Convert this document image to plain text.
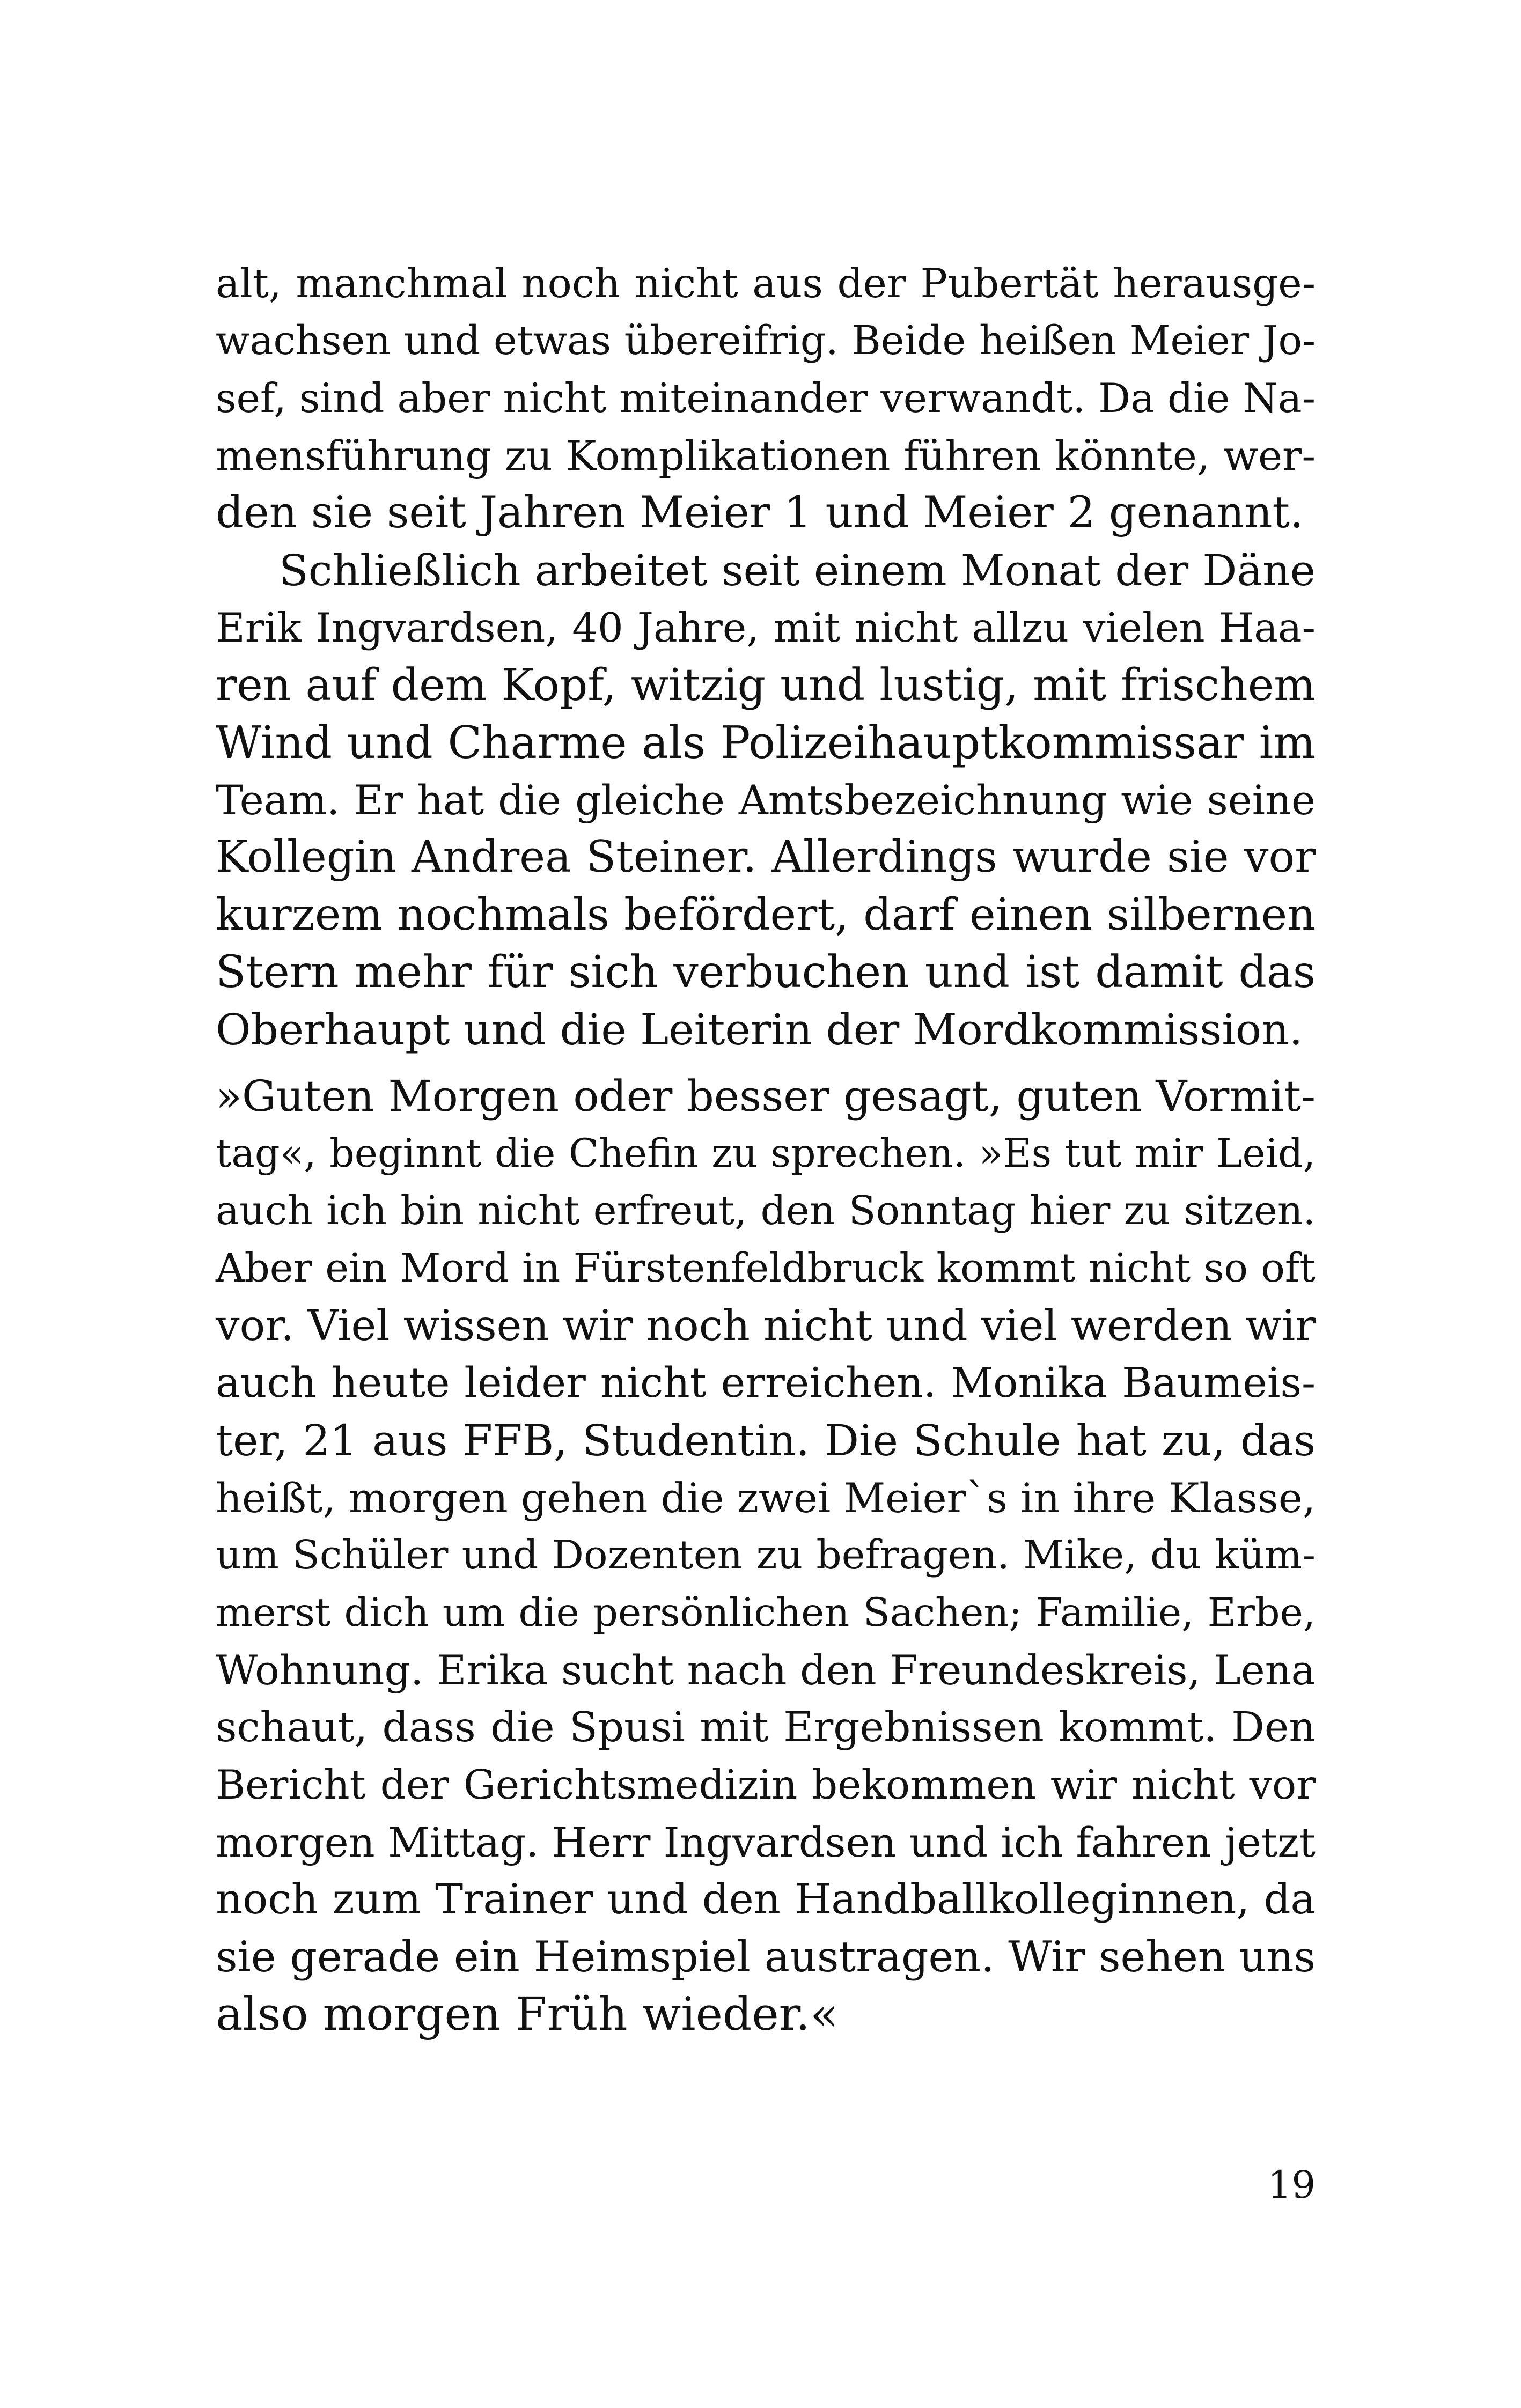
alt, manchmal noch nicht aus der Pubertät herausge-
wachsen und etwas übereifrig. Beide heißen Meier Jo-
sef, sind aber nicht miteinander verwandt. Da die Na-
mensführung zu Komplikationen führen könnte, wer-
den sie seit Jahren Meier 1 und Meier 2 genannt.
Schließlich arbeitet seit einem Monat der Däne
Erik Ingvardsen, 40 Jahre, mit nicht allzu vielen Haa-
ren auf dem Kopf, witzig und lustig, mit frischem
Wind und Charme als Polizeihauptkommissar im
Team. Er hat die gleiche Amtsbezeichnung wie seine
Kollegin Andrea Steiner. Allerdings wurde sie vor
kurzem nochmals befördert, darf einen silbernen
Stern mehr für sich verbuchen und ist damit das
Oberhaupt und die Leiterin der Mordkommission.
»Guten Morgen oder besser gesagt, guten Vormit-
tag«, beginnt die Chefin zu sprechen. »Es tut mir Leid,
auch ich bin nicht erfreut, den Sonntag hier zu sitzen.
Aber ein Mord in Fürstenfeldbruck kommt nicht so oft
vor. Viel wissen wir noch nicht und viel werden wir
auch heute leider nicht erreichen. Monika Baumeis-
ter, 21 aus FFB, Studentin. Die Schule hat zu, das
heißt, morgen gehen die zwei Meier`s in ihre Klasse,
um Schüler und Dozenten zu befragen. Mike, du küm-
merst dich um die persönlichen Sachen; Familie, Erbe,
Wohnung. Erika sucht nach den Freundeskreis, Lena
schaut, dass die Spusi mit Ergebnissen kommt. Den
Bericht der Gerichtsmedizin bekommen wir nicht vor
morgen Mittag. Herr Ingvardsen und ich fahren jetzt
noch zum Trainer und den Handballkolleginnen, da
sie gerade ein Heimspiel austragen. Wir sehen uns
also morgen Früh wieder.«
19
